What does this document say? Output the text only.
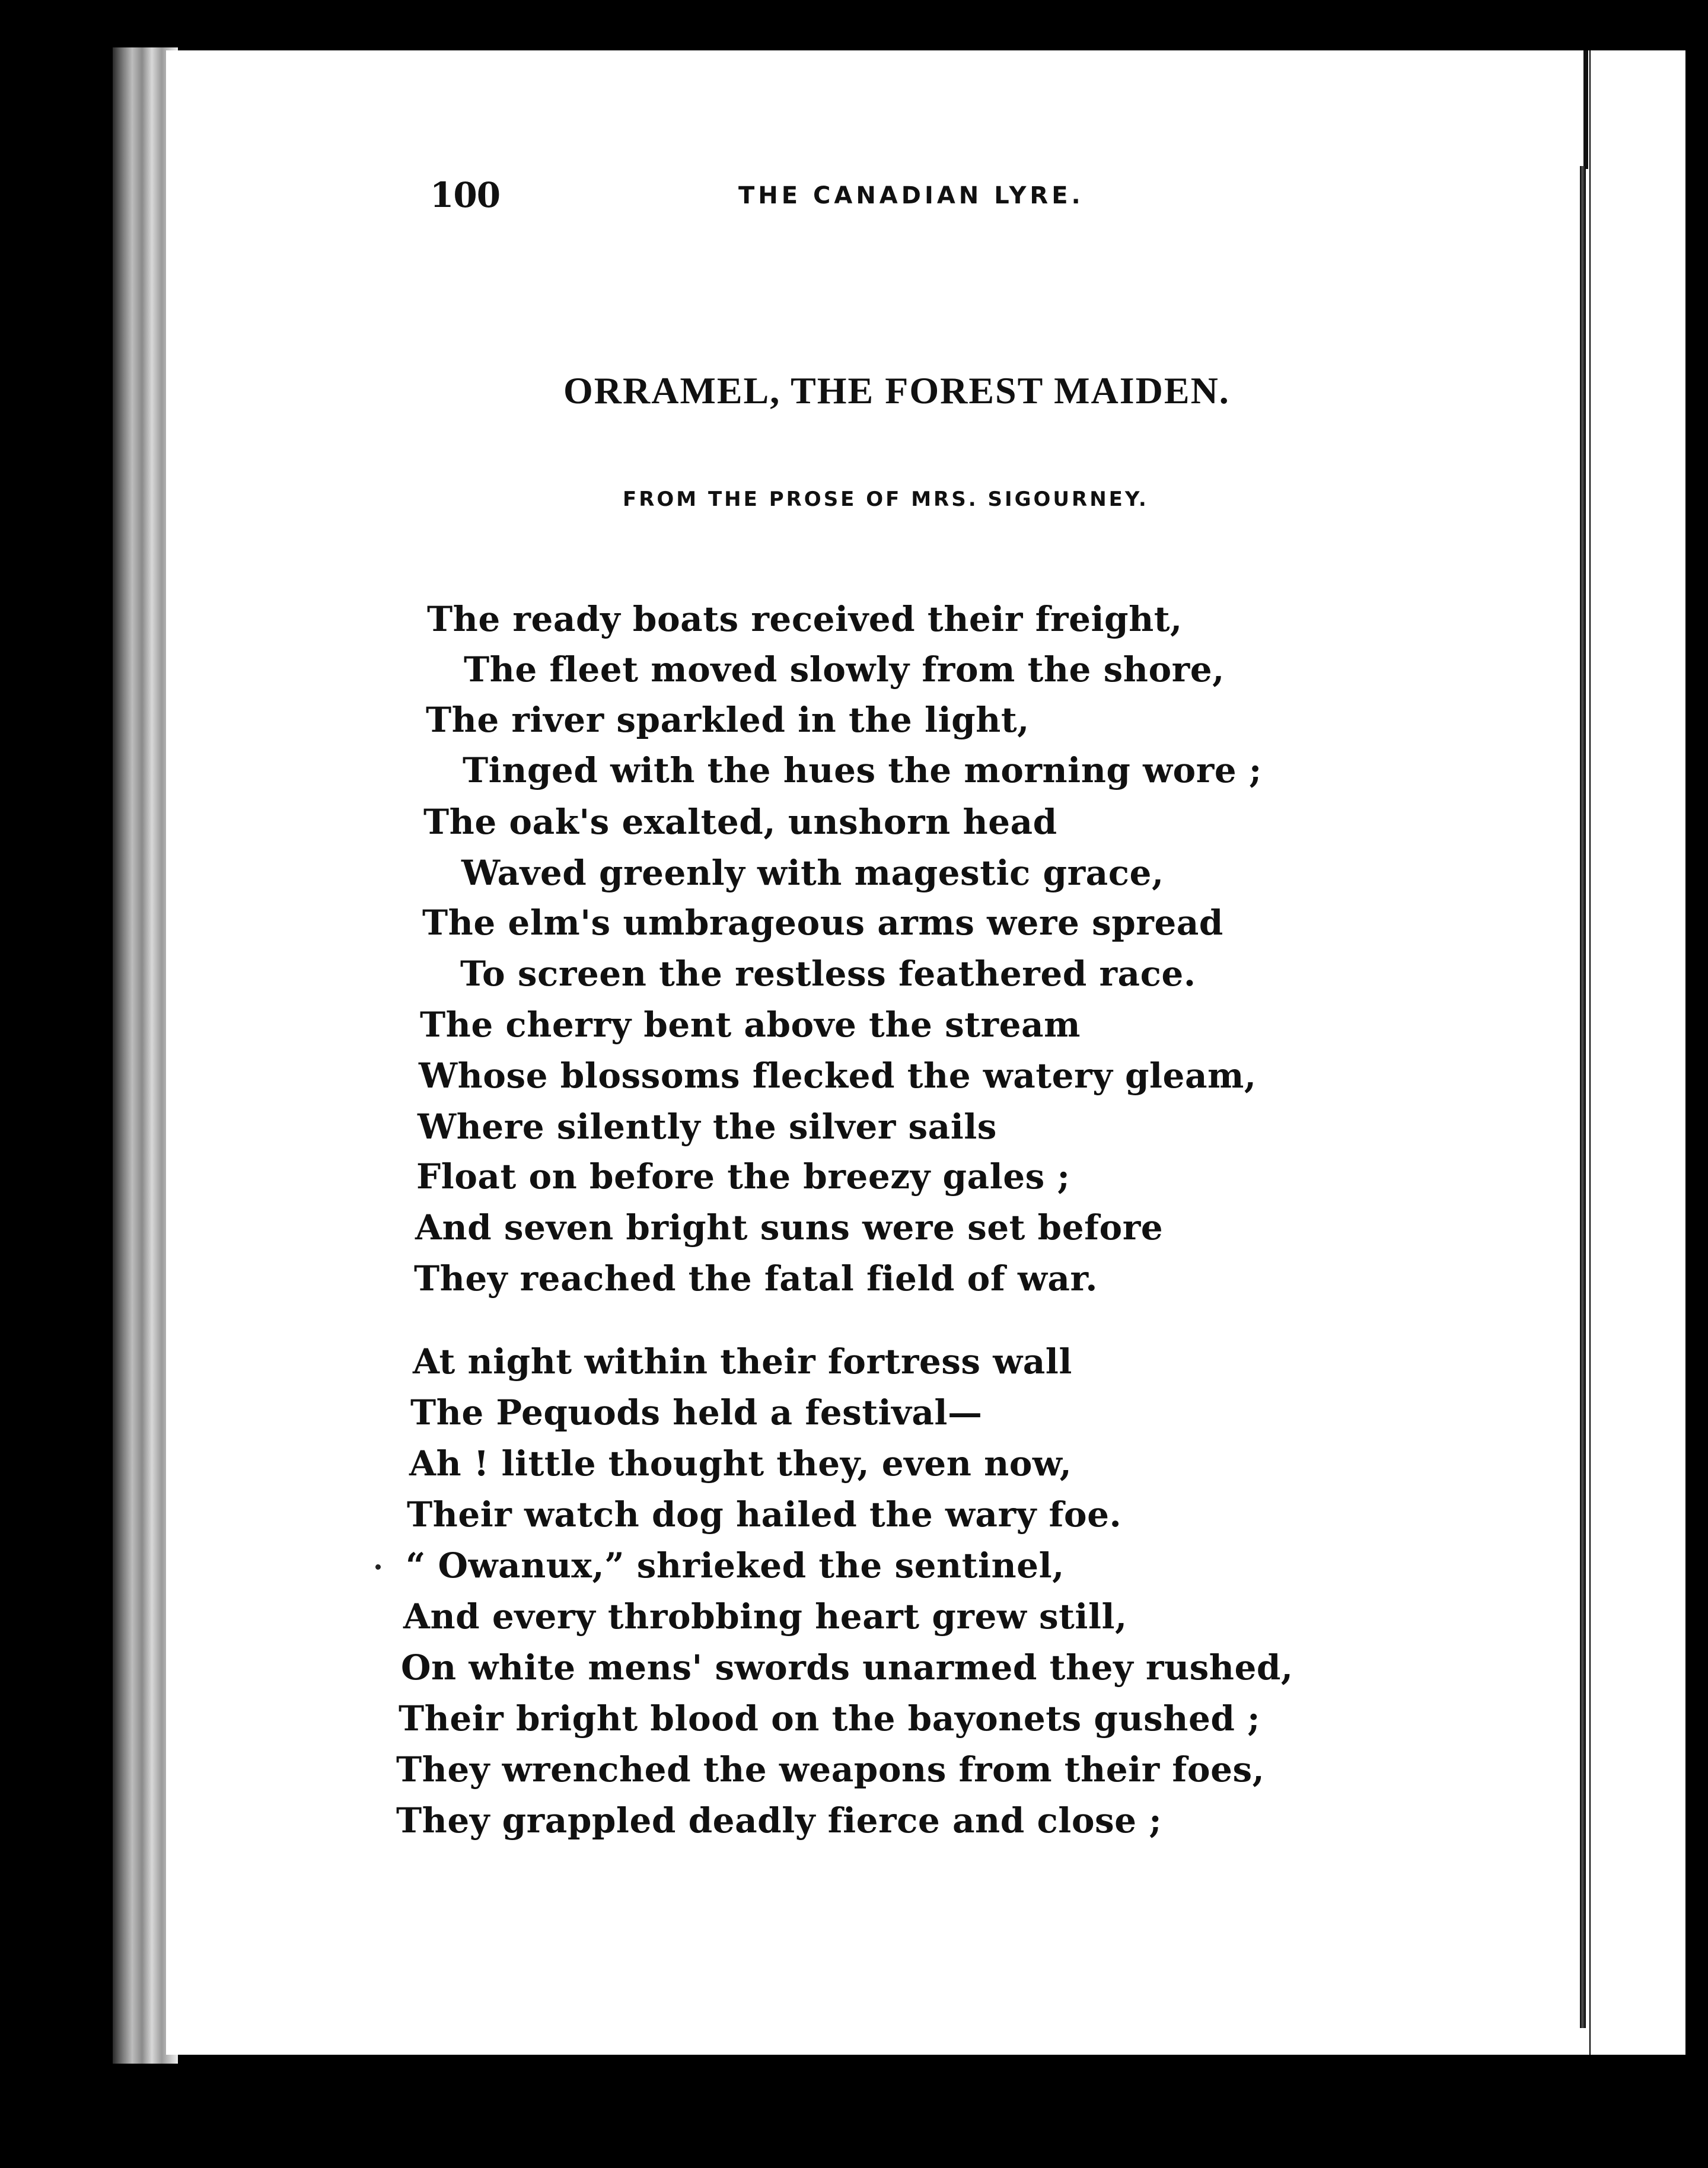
100	THE CANADIAN LYRE.
ORRAMEL, THE FOREST MAIDEN.
FROM THE PROSE OF MRS. SIGOURNEY.
The ready boats received their freight,
The fleet moved slowly from the shore,
The river sparkled in the light,
Tinged with the hues the morning wore ;
The oak's exalted, unshorn head
Waved greenly with magestic grace,
The elm's umbrageous arms were spread
To screen the restless feathered race.
The cherry bent above the stream
Whose blossoms flecked the watery gleam,
Where silently the silver sails
Float on before the breezy gales ;
And seven bright suns were set before
They reached the fatal field of war.
At night within their fortress wall
The Pequods held a festival—
Ah ! little thought they, even now,
Their watch dog hailed the wary foe.
“ Owanux,” shrieked the sentinel,
And every throbbing heart grew still,
On white mens' swords unarmed they rushed,
Their bright blood on the bayonets gushed ;
They wrenched the weapons from their foes,
They grappled deadly fierce and close ;
